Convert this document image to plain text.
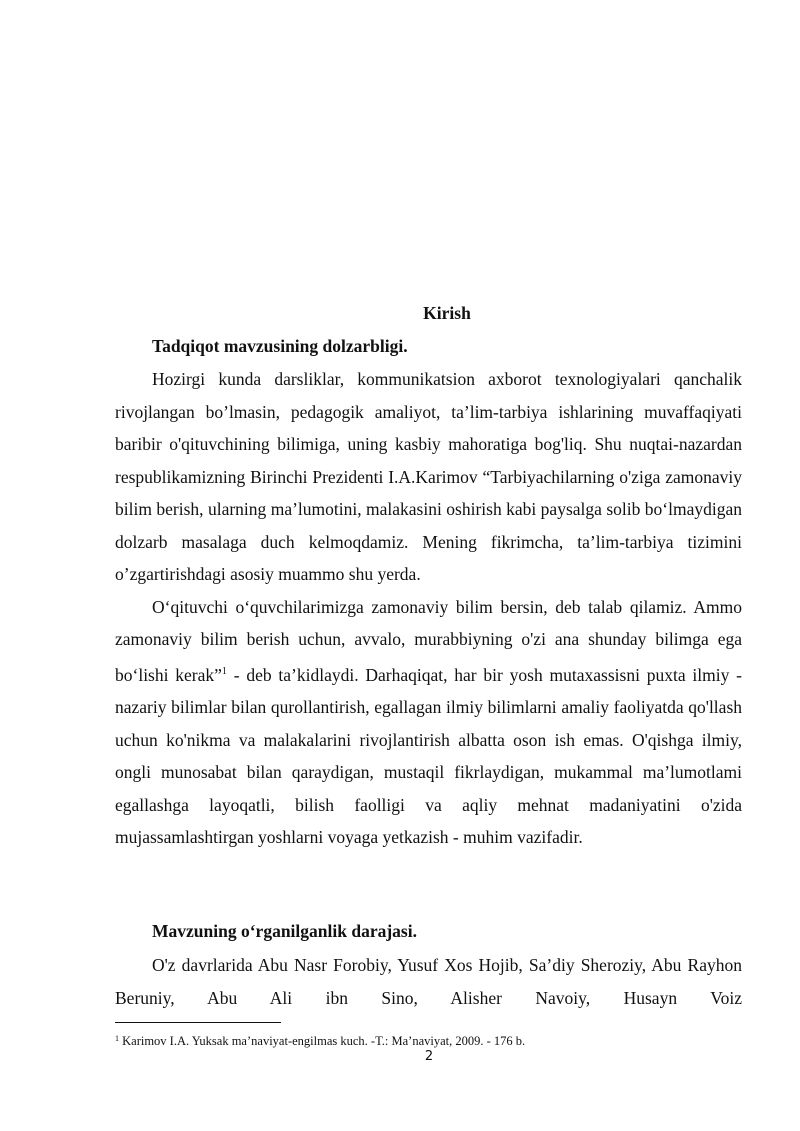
Kirish
Tadqiqot mavzusining dolzarbligi.

Hozirgi kunda darsliklar, kommunikatsion axborot texnologiyalari qanchalik rivojlangan bo’lmasin, pedagogik amaliyot, ta’lim-tarbiya ishlarining muvaffaqiyati baribir o'qituvchining bilimiga, uning kasbiy mahoratiga bog'liq. Shu nuqtai-nazardan respublikamizning Birinchi Prezidenti I.A.Karimov “Tarbiyachilarning o'ziga zamonaviy bilim berish, ularning ma’lumotini, malakasini oshirish kabi paysalga solib bo‘lmaydigan dolzarb masalaga duch kelmoqdamiz. Mening fikrimcha, ta’lim-tarbiya tizimini o’zgartirishdagi asosiy muammo shu yerda.

O‘qituvchi o‘quvchilarimizga zamonaviy bilim bersin, deb talab qilamiz. Ammo zamonaviy bilim berish uchun, avvalo, murabbiyning o'zi ana shunday bilimga ega bo‘lishi kerak”$^1$ - deb ta’kidlaydi. Darhaqiqat, har bir yosh mutaxassisni puxta ilmiy - nazariy bilimlar bilan qurollantirish, egallagan ilmiy bilimlarni amaliy faoliyatda qo'llash uchun ko'nikma va malakalarini rivojlantirish albatta oson ish emas. O'qishga ilmiy, ongli munosabat bilan qaraydigan, mustaqil fikrlaydigan, mukammal ma’lumotlami egallashga layoqatli, bilish faolligi va aqliy mehnat madaniyatini o'zida mujassamlashtirgan yoshlarni voyaga yetkazish - muhim vazifadir.

Mavzuning o‘rganilganlik darajasi.

O'z davrlarida Abu Nasr Forobiy, Yusuf Xos Hojib, Sa’diy Sheroziy, Abu Rayhon Beruniy, Abu Ali ibn Sino, Alisher Navoiy, Husayn Voiz

$^1$ Karimov I.A. Yuksak ma’naviyat-engilmas kuch. -T.: Ma’naviyat, 2009. - 176 b.
2
